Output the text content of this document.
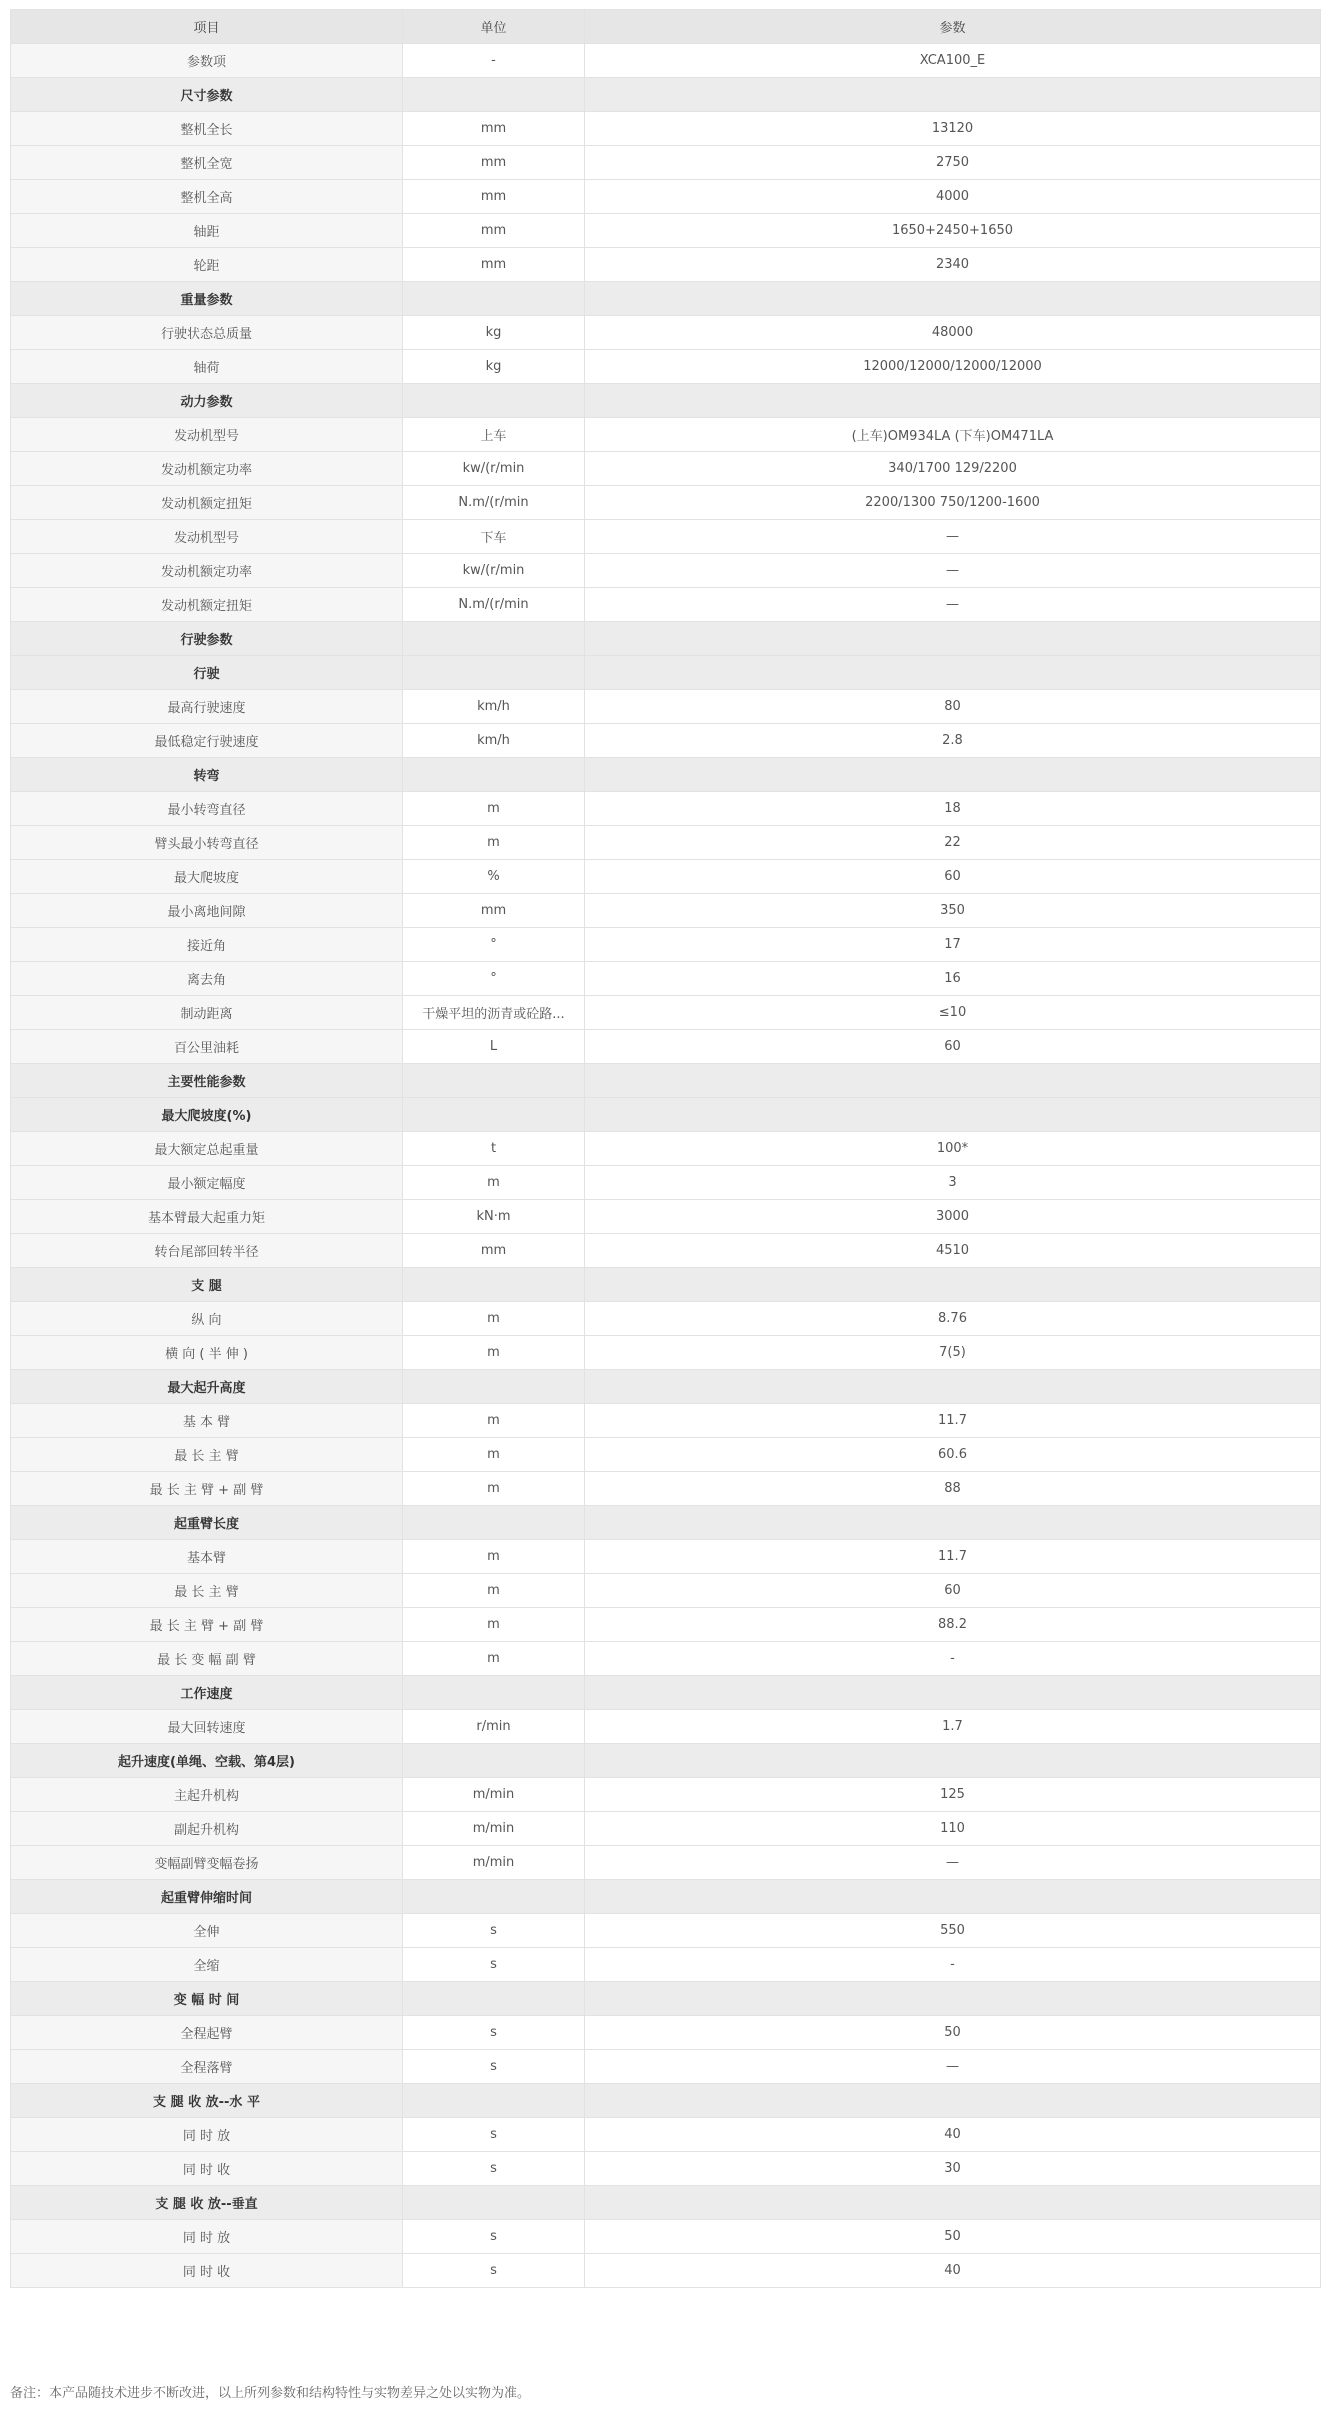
项目	单位	参数
参数项	-	XCA100_E
尺寸参数		
整机全长	mm	13120
整机全宽	mm	2750
整机全高	mm	4000
轴距	mm	1650+2450+1650
轮距	mm	2340
重量参数		
行驶状态总质量	kg	48000
轴荷	kg	12000/12000/12000/12000
动力参数		
发动机型号	上车	(上车)OM934LA (下车)OM471LA
发动机额定功率	kw/(r/min	340/1700 129/2200
发动机额定扭矩	N.m/(r/min	2200/1300 750/1200-1600
发动机型号	下车	—
发动机额定功率	kw/(r/min	—
发动机额定扭矩	N.m/(r/min	—
行驶参数		
行驶		
最高行驶速度	km/h	80
最低稳定行驶速度	km/h	2.8
转弯		
最小转弯直径	m	18
臂头最小转弯直径	m	22
最大爬坡度	%	60
最小离地间隙	mm	350
接近角	°	17
离去角	°	16
制动距离	干燥平坦的沥青或砼路...	≤10
百公里油耗	L	60
主要性能参数		
最大爬坡度(%)		
最大额定总起重量	t	100*
最小额定幅度	m	3
基本臂最大起重力矩	kN·m	3000
转台尾部回转半径	mm	4510
支 腿		
纵 向	m	8.76
横 向 ( 半 伸 )	m	7(5)
最大起升高度		
基 本 臂	m	11.7
最 长 主 臂	m	60.6
最 长 主 臂 + 副 臂	m	88
起重臂长度		
基本臂	m	11.7
最 长 主 臂	m	60
最 长 主 臂 + 副 臂	m	88.2
最 长 变 幅 副 臂	m	-
工作速度		
最大回转速度	r/min	1.7
起升速度(单绳、空载、第4层)		
主起升机构	m/min	125
副起升机构	m/min	110
变幅副臂变幅卷扬	m/min	—
起重臂伸缩时间		
全伸	s	550
全缩	s	-
变 幅 时 间		
全程起臂	s	50
全程落臂	s	—
支 腿 收 放--水 平		
同 时 放	s	40
同 时 收	s	30
支 腿 收 放--垂直		
同 时 放	s	50
同 时 收	s	40
备注：本产品随技术进步不断改进，以上所列参数和结构特性与实物差异之处以实物为准。
